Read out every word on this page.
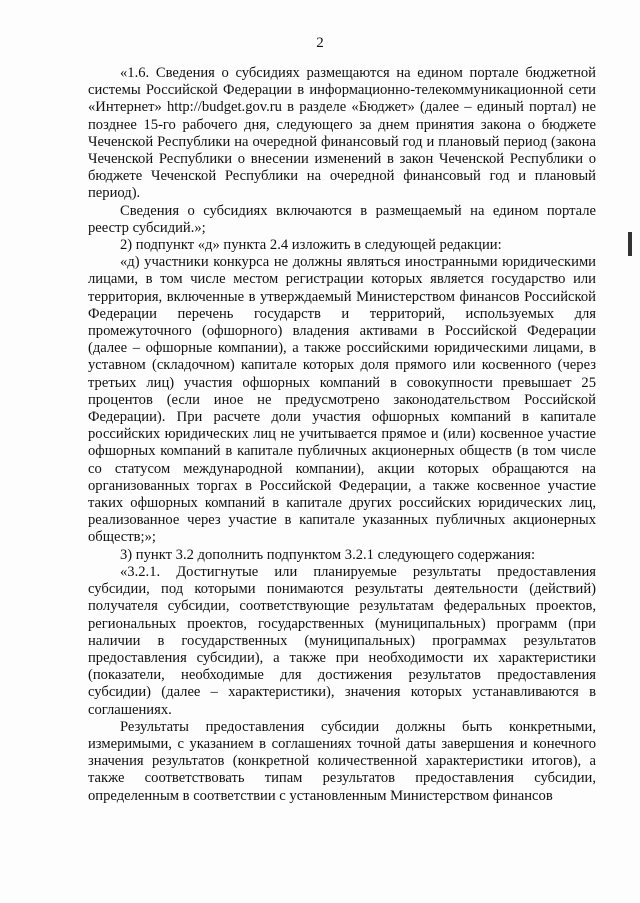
2

«1.6. Сведения о субсидиях размещаются на едином портале бюджетной системы Российской Федерации в информационно-телекоммуникационной сети «Интернет» http://budget.gov.ru в разделе «Бюджет» (далее – единый портал) не позднее 15-го рабочего дня, следующего за днем принятия закона о бюджете Чеченской Республики на очередной финансовый год и плановый период (закона Чеченской Республики о внесении изменений в закон Чеченской Республики о бюджете Чеченской Республики на очередной финансовый год и плановый период).

Сведения о субсидиях включаются в размещаемый на едином портале реестр субсидий.»;

2) подпункт «д» пункта 2.4 изложить в следующей редакции:

«д) участники конкурса не должны являться иностранными юридическими лицами, в том числе местом регистрации которых является государство или территория, включенные в утверждаемый Министерством финансов Российской Федерации перечень государств и территорий, используемых для промежуточного (офшорного) владения активами в Российской Федерации (далее – офшорные компании), а также российскими юридическими лицами, в уставном (складочном) капитале которых доля прямого или косвенного (через третьих лиц) участия офшорных компаний в совокупности превышает 25 процентов (если иное не предусмотрено законодательством Российской Федерации). При расчете доли участия офшорных компаний в капитале российских юридических лиц не учитывается прямое и (или) косвенное участие офшорных компаний в капитале публичных акционерных обществ (в том числе со статусом международной компании), акции которых обращаются на организованных торгах в Российской Федерации, а также косвенное участие таких офшорных компаний в капитале других российских юридических лиц, реализованное через участие в капитале указанных публичных акционерных обществ;»;

3) пункт 3.2 дополнить подпунктом 3.2.1 следующего содержания:

«3.2.1. Достигнутые или планируемые результаты предоставления субсидии, под которыми понимаются результаты деятельности (действий) получателя субсидии, соответствующие результатам федеральных проектов, региональных проектов, государственных (муниципальных) программ (при наличии в государственных (муниципальных) программах результатов предоставления субсидии), а также при необходимости их характеристики (показатели, необходимые для достижения результатов предоставления субсидии) (далее – характеристики), значения которых устанавливаются в соглашениях.

Результаты предоставления субсидии должны быть конкретными, измеримыми, с указанием в соглашениях точной даты завершения и конечного значения результатов (конкретной количественной характеристики итогов), а также соответствовать типам результатов предоставления субсидии, определенным в соответствии с установленным Министерством финансов
